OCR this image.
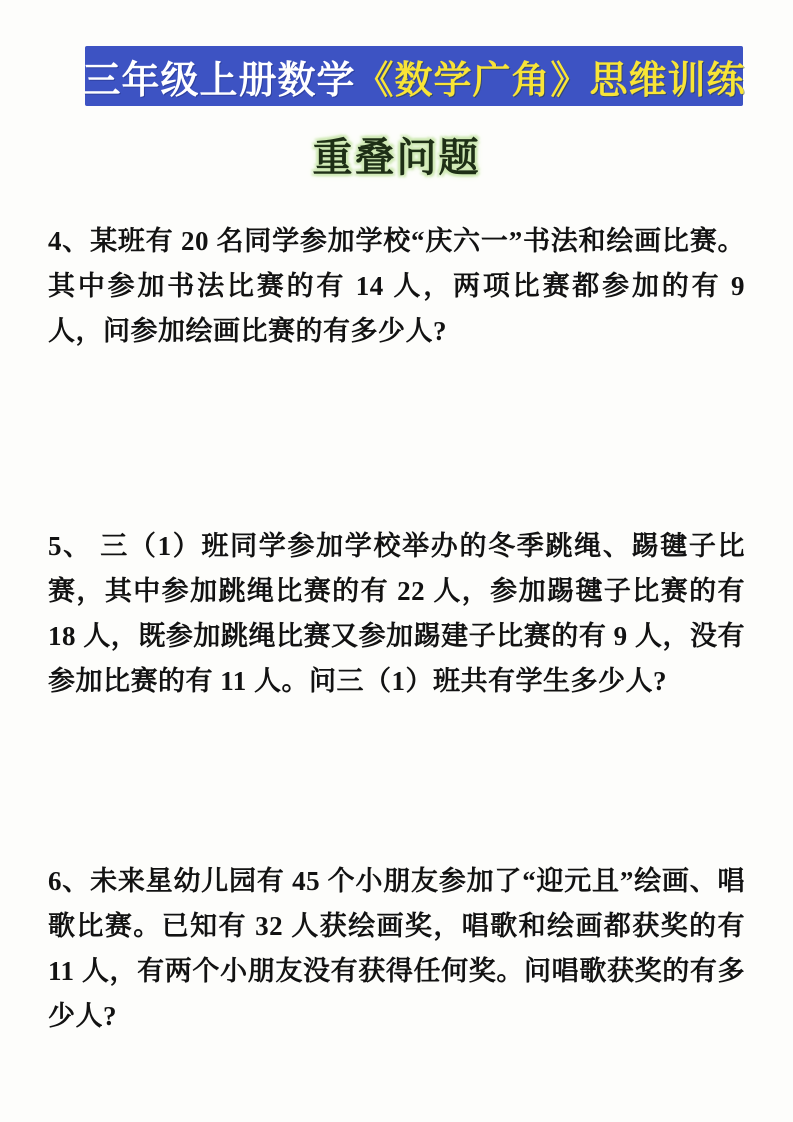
三年级上册数学 《数学广角》思维训练
重叠问题

4、某班有 20 名同学参加学校“庆六一”书法和绘画比赛。其中参加书法比赛的有 14 人，两项比赛都参加的有 9 人，问参加绘画比赛的有多少人?

5、 三（1）班同学参加学校举办的冬季跳绳、踢毽子比赛，其中参加跳绳比赛的有 22 人，参加踢毽子比赛的有 18 人，既参加跳绳比赛又参加踢建子比赛的有 9 人，没有参加比赛的有 11 人。问三（1）班共有学生多少人?

6、未来星幼儿园有 45 个小朋友参加了“迎元且”绘画、唱歌比赛。已知有 32 人获绘画奖，唱歌和绘画都获奖的有 11 人，有两个小朋友没有获得任何奖。问唱歌获奖的有多少人?
